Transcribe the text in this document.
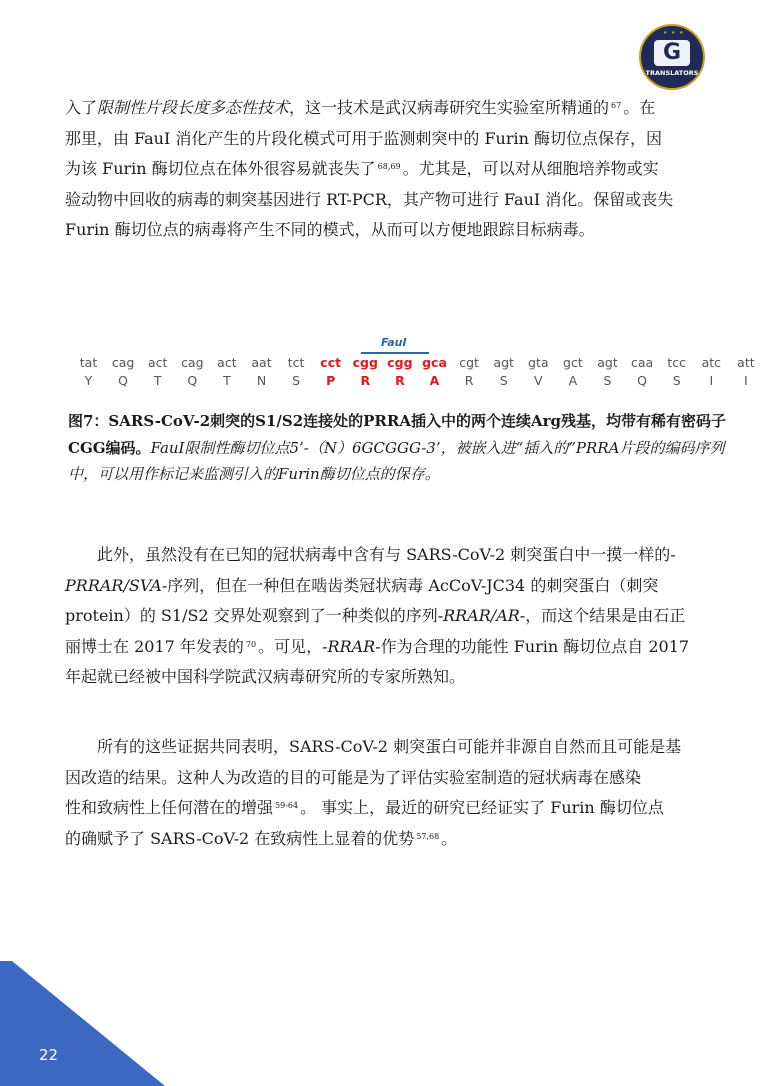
★ ★ ★
G
TRANSLATORS
入了限制性片段长度多态性技术，这一技术是武汉病毒研究生实验室所精通的 $^{67}$ 。在
那里，由 FauI 消化产生的片段化模式可用于监测刺突中的 Furin 酶切位点保存，因
为该 Furin 酶切位点在体外很容易就丧失了 $^{68,69}$ 。尤其是，可以对从细胞培养物或实
验动物中回收的病毒的刺突基因进行 RT-PCR，其产物可进行 FauI 消化。保留或丧失
Furin 酶切位点的病毒将产生不同的模式，从而可以方便地跟踪目标病毒。
FauI
tat	cag	act	cag	act	aat	tct	cct cgg cgg gca cgt	agt	gta	gct	agt	caa	tcc	atc	att
Y	Q	T	Q	T	N	S	P	R	R	A	R	S	V	A	S	Q	S	I	I
图7：SARS-CoV-2刺突的S1/S2连接处的PRRA插入中的两个连续Arg残基，均带有稀有密码子CGG编码。FauI限制性酶切位点5’-（N）6GCGGG-3’，被嵌入进“插入的”PRRA片段的编码序列中，可以用作标记来监测引入的Furin酶切位点的保存。
此外，虽然没有在已知的冠状病毒中含有与 SARS-CoV-2 刺突蛋白中一摸一样的-
PRRAR/SVA-序列，但在一种但在啮齿类冠状病毒 AcCoV-JC34 的刺突蛋白（刺突
protein）的 S1/S2 交界处观察到了一种类似的序列-RRAR/AR-，而这个结果是由石正
丽博士在 2017 年发表的 $^{70}$ 。可见，-RRAR-作为合理的功能性 Furin 酶切位点自 2017
年起就已经被中国科学院武汉病毒研究所的专家所熟知。
所有的这些证据共同表明，SARS-CoV-2 刺突蛋白可能并非源自自然而且可能是基
因改造的结果。这种人为改造的目的可能是为了评估实验室制造的冠状病毒在感染
性和致病性上任何潜在的增强 $^{59-64}$ 。 事实上，最近的研究已经证实了 Furin 酶切位点
的确赋予了 SARS-CoV-2 在致病性上显着的优势 $^{57,68}$ 。
22
